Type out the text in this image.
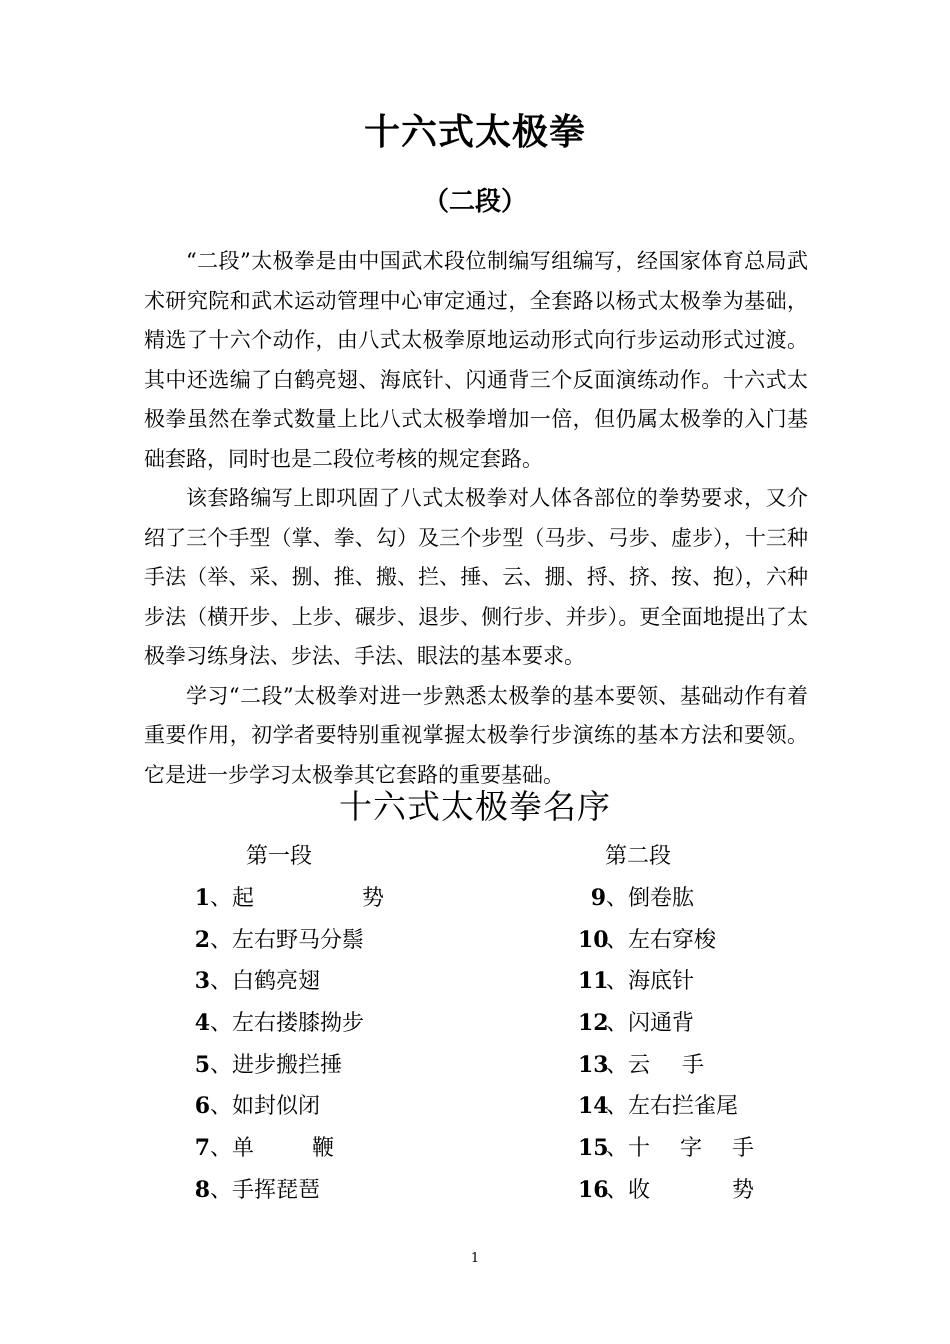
十六式太极拳
（二段）

“二段”太极拳是由中国武术段位制编写组编写，经国家体育总局武术研究院和武术运动管理中心审定通过，全套路以杨式太极拳为基础，精选了十六个动作，由八式太极拳原地运动形式向行步运动形式过渡。其中还选编了白鹤亮翅、海底针、闪通背三个反面演练动作。十六式太极拳虽然在拳式数量上比八式太极拳增加一倍，但仍属太极拳的入门基础套路，同时也是二段位考核的规定套路。

该套路编写上即巩固了八式太极拳对人体各部位的拳势要求，又介绍了三个手型（掌、拳、勾）及三个步型（马步、弓步、虚步），十三种手法（举、采、捌、推、搬、拦、捶、云、掤、捋、挤、按、抱），六种步法（横开步、上步、碾步、退步、侧行步、并步）。更全面地提出了太极拳习练身法、步法、手法、眼法的基本要求。

学习“二段”太极拳对进一步熟悉太极拳的基本要领、基础动作有着重要作用，初学者要特别重视掌握太极拳行步演练的基本方法和要领。它是进一步学习太极拳其它套路的重要基础。

十六式太极拳名序
第一段	第二段
1、起 势
2、左右野马分鬃
3、白鹤亮翅
4、左右搂膝拗步
5、进步搬拦捶
6、如封似闭
7、单 鞭
8、手挥琵琶
9、倒卷肱
10、左右穿梭
11、海底针
12、闪通背
13、云 手
14、左右拦雀尾
15、十 字 手
16、收 势
1
